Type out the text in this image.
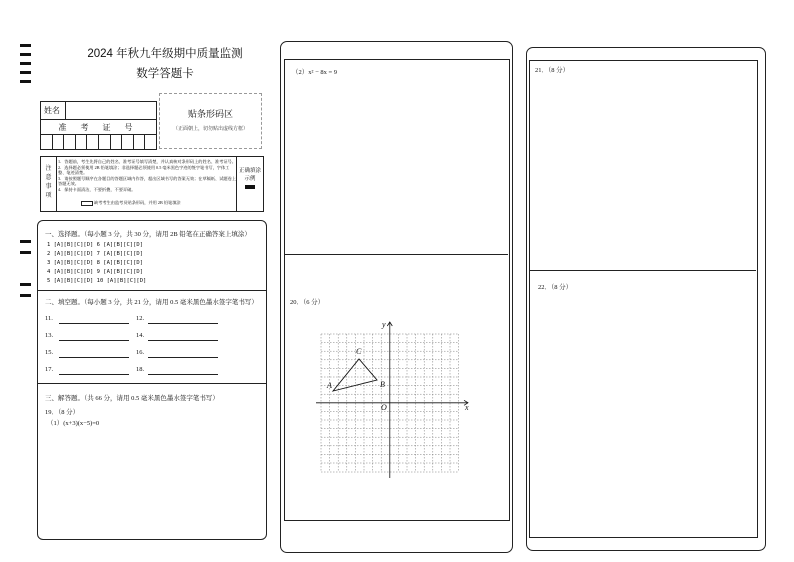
2024 年秋九年级期中质量监测
数学答题卡
姓名
准 考 证 号
贴条形码区
（正面朝上，切勿贴出虚线方框）
注意事项
1．答题前，考生先将自己的姓名、准考证号填写清楚，并认真核对条形码上的姓名、准考证号。
2．选择题必须使用 2B 铅笔填涂；非选择题必须使用 0.5 毫米黑色字迹的签字笔书写，字体工整、笔迹清楚。
3．请按照题号顺序在各题目的答题区域内作答，超出区域书写的答案无效；在草稿纸、试题卷上答题无效。
4．保持卡面清洁，不要折叠，不要弄破。
缺考考生由监考员贴条形码，并用 2B 铅笔填涂
正确填涂示例
一、选择题。（每小题 3 分，共 30 分，请用 2B 铅笔在正确答案上填涂）
1 [A][B][C][D] 6 [A][B][C][D]
2 [A][B][C][D] 7 [A][B][C][D]
3 [A][B][C][D] 8 [A][B][C][D]
4 [A][B][C][D] 9 [A][B][C][D]
5 [A][B][C][D] 10 [A][B][C][D]
二、填空题。（每小题 3 分，共 21 分，请用 0.5 毫米黑色墨水签字笔书写）
11.	12.
13.	14.
15.	16.
17.	18.
三、解答题。（共 66 分，请用 0.5 毫米黑色墨水签字笔书写）
19．（8 分）
（1）(x+3)(x−5)=0
（2）x² − 8x = 9
20．（6 分）
A	B
C
O	x
y
21．（8 分）
22．（8 分）
